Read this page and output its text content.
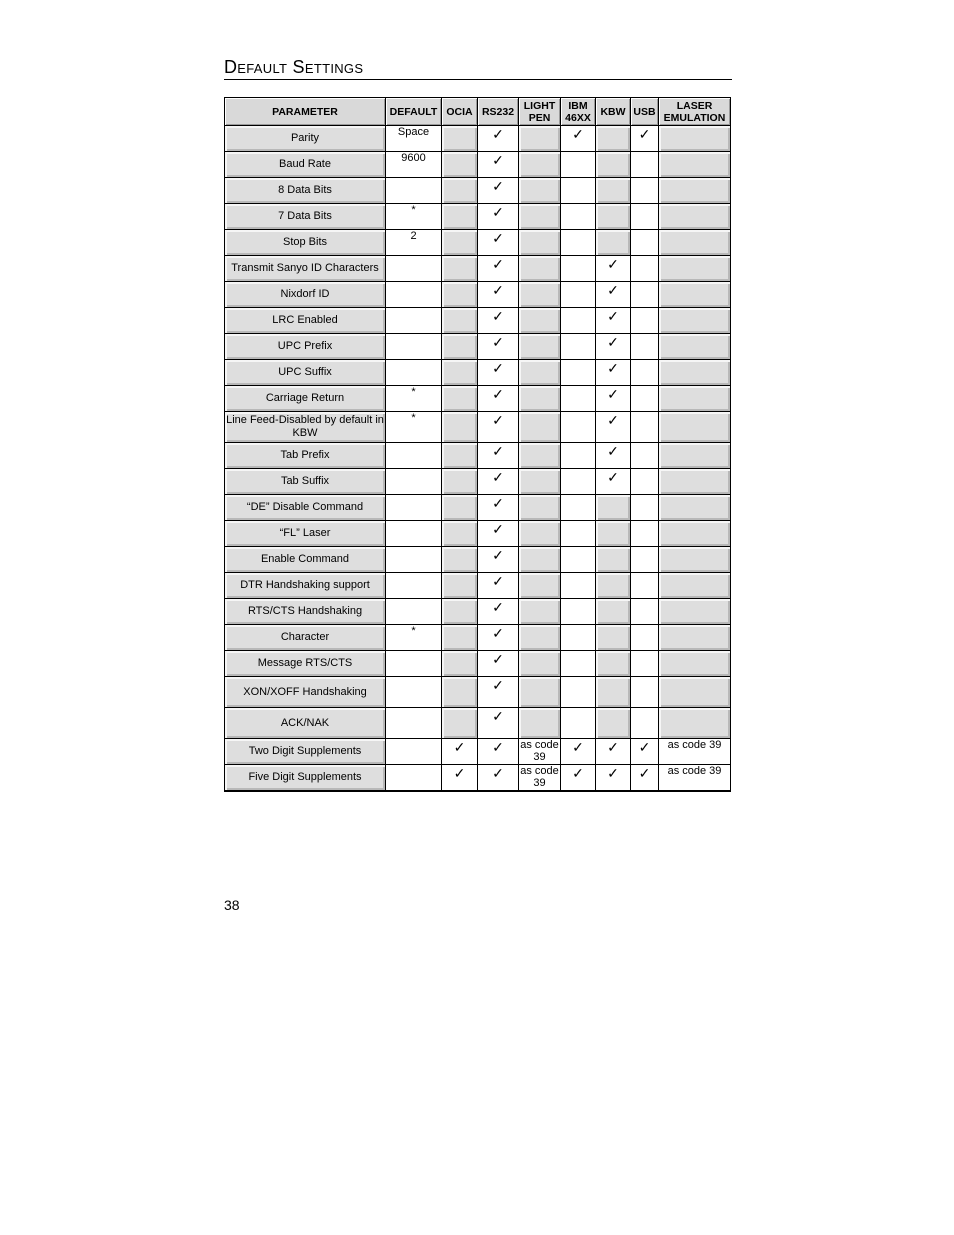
Default Settings
PARAMETER	DEFAULT	OCIA	RS232	LIGHT PEN	IBM 46XX	KBW	USB	LASER EMULATION
Parity	Space		✓		✓		✓	
Baud Rate	9600		✓					
8 Data Bits			✓					
7 Data Bits	*		✓					
Stop Bits	2		✓					
Transmit Sanyo ID Characters			✓			✓		
Nixdorf ID			✓			✓		
LRC Enabled			✓			✓		
UPC Prefix			✓			✓		
UPC Suffix			✓			✓		
Carriage Return	*		✓			✓		
Line Feed-Disabled by default in KBW	*		✓			✓		
Tab Prefix			✓			✓		
Tab Suffix			✓			✓		
“DE” Disable Command			✓					
“FL” Laser			✓					
Enable Command			✓					
DTR Handshaking support			✓					
RTS/CTS Handshaking			✓					
Character	*		✓					
Message RTS/CTS			✓					
XON/XOFF Handshaking			✓					
ACK/NAK			✓					
Two Digit Supplements		✓	✓	as code 39	✓	✓	✓	as code 39
Five Digit Supplements		✓	✓	as code 39	✓	✓	✓	as code 39
38
